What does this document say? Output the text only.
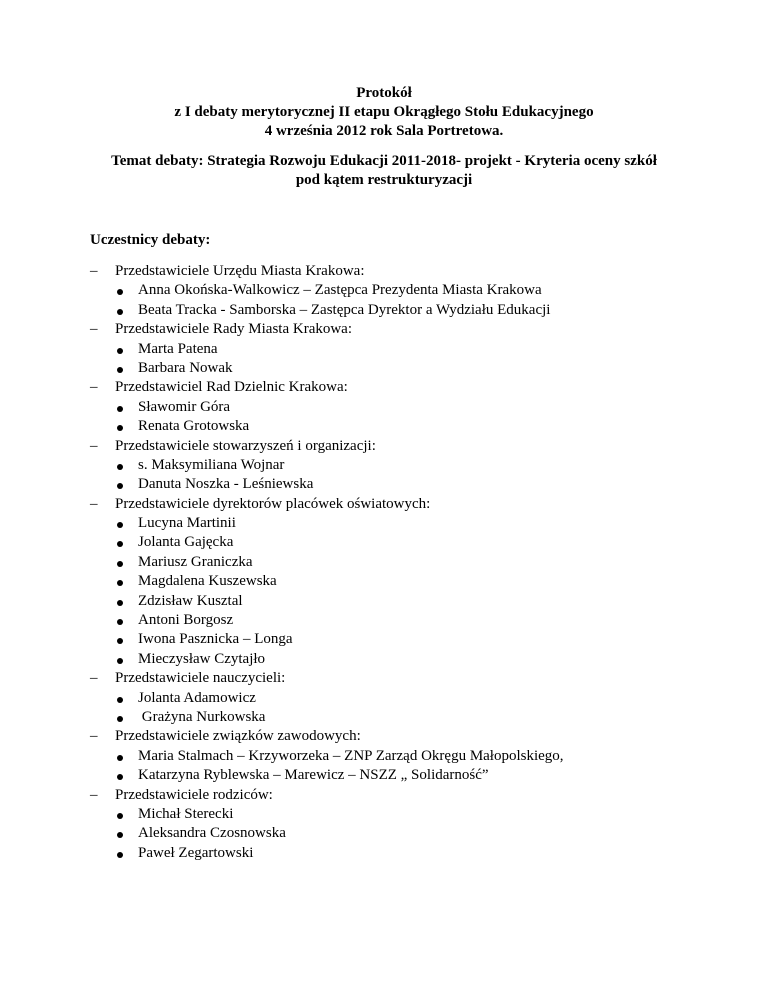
Protokół
z I debaty merytorycznej II etapu Okrągłego Stołu Edukacyjnego
4 września 2012 rok Sala Portretowa.
Temat debaty: Strategia Rozwoju Edukacji 2011-2018- projekt - Kryteria oceny szkół
pod kątem restrukturyzacji
Uczestnicy debaty:
– Przedstawiciele Urzędu Miasta Krakowa:
Anna Okońska-Walkowicz – Zastępca Prezydenta Miasta Krakowa
Beata Tracka - Samborska – Zastępca Dyrektor a Wydziału Edukacji
– Przedstawiciele Rady Miasta Krakowa:
Marta Patena
Barbara Nowak
– Przedstawiciel Rad Dzielnic Krakowa:
Sławomir Góra
Renata Grotowska
– Przedstawiciele stowarzyszeń i organizacji:
s. Maksymiliana Wojnar
Danuta Noszka - Leśniewska
– Przedstawiciele dyrektorów placówek oświatowych:
Lucyna Martinii
Jolanta Gajęcka
Mariusz Graniczka
Magdalena Kuszewska
Zdzisław Kusztal
Antoni Borgosz
Iwona Pasznicka – Longa
Mieczysław Czytajło
– Przedstawiciele nauczycieli:
Jolanta Adamowicz
Grażyna Nurkowska
– Przedstawiciele związków zawodowych:
Maria Stalmach – Krzyworzeka – ZNP Zarząd Okręgu Małopolskiego,
Katarzyna Ryblewska – Marewicz – NSZZ „ Solidarność”
– Przedstawiciele rodziców:
Michał Sterecki
Aleksandra Czosnowska
Paweł Zegartowski
